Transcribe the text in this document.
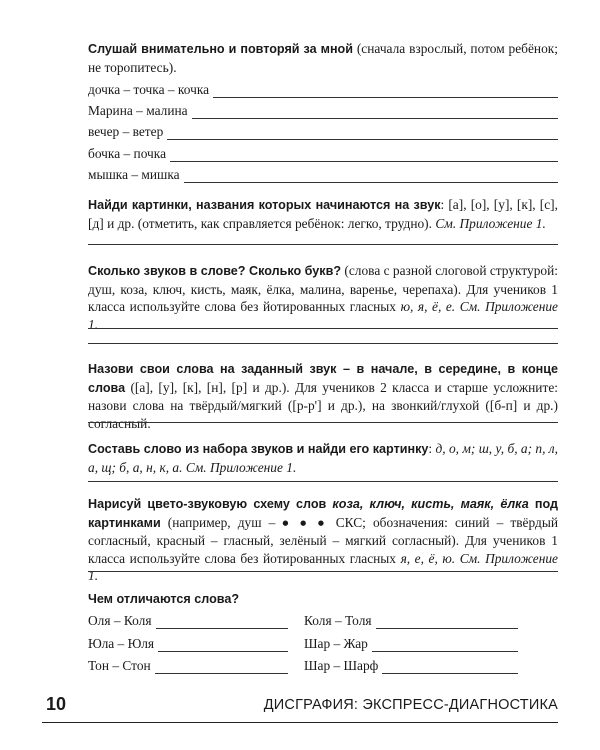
Слушай внимательно и повторяй за мной (сначала взрослый, потом ребёнок; не торопитесь).

дочка – точка – кочка
Марина – малина
вечер – ветер
бочка – почка
мышка – мишка

Найди картинки, названия которых начинаются на звук: [а], [о], [у], [к], [с], [д] и др. (отметить, как справляется ребёнок: легко, трудно). См. Приложение 1.

Сколько звуков в слове? Сколько букв? (слова с разной слоговой структурой: душ, коза, ключ, кисть, маяк, ёлка, малина, варенье, черепаха). Для учеников 1 класса используйте слова без йотированных гласных ю, я, ё, е. См. Приложение 1.

Назови свои слова на заданный звук – в начале, в середине, в конце слова ([а], [у], [к], [н], [р] и др.). Для учеников 2 класса и старше усложните: назови слова на твёрдый/мягкий ([р-р'] и др.), на звонкий/глухой ([б-п] и др.) согласный.

Составь слово из набора звуков и найди его картинку: д, о, м; ш, у, б, а; п, л, а, щ; б, а, н, к, а. См. Приложение 1.

Нарисуй цвето-звуковую схему слов коза, ключ, кисть, маяк, ёлка под картинками (например, душ – ● ● ● СКС; обозначения: синий – твёрдый согласный, красный – гласный, зелёный – мягкий согласный). Для учеников 1 класса используйте слова без йотированных гласных я, е, ё, ю. См. Приложение 1.

Чем отличаются слова?
Оля – Коля
Юла – Юля
Тон – Стон
Коля – Толя
Шар – Жар
Шар – Шарф
10	ДИСГРАФИЯ: ЭКСПРЕСС-ДИАГНОСТИКА
